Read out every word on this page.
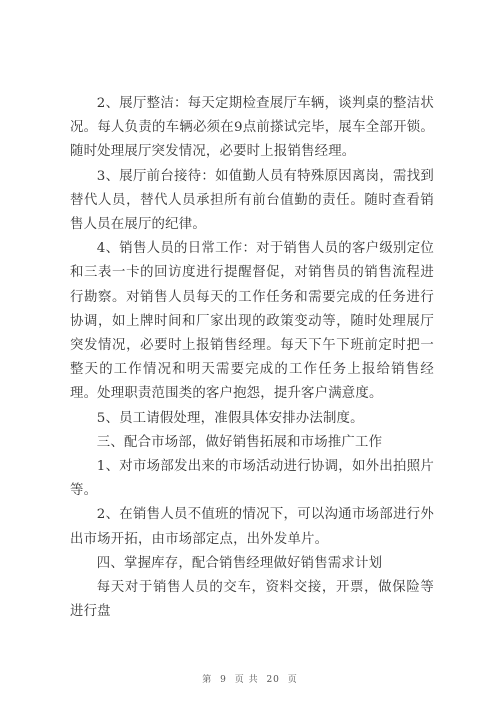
2、展厅整洁：每天定期检查展厅车辆，谈判桌的整洁状况。每人负责的车辆必须在9点前搽试完毕，展车全部开锁。随时处理展厅突发情况，必要时上报销售经理。

3、展厅前台接待：如值勤人员有特殊原因离岗，需找到替代人员，替代人员承担所有前台值勤的责任。随时查看销售人员在展厅的纪律。

4、销售人员的日常工作：对于销售人员的客户级别定位和三表一卡的回访度进行提醒督促，对销售员的销售流程进行勘察。对销售人员每天的工作任务和需要完成的任务进行协调，如上牌时间和厂家出现的政策变动等，随时处理展厅突发情况，必要时上报销售经理。每天下午下班前定时把一整天的工作情况和明天需要完成的工作任务上报给销售经理。处理职责范围类的客户抱怨，提升客户满意度。

5、员工请假处理，准假具体安排办法制度。

三、配合市场部，做好销售拓展和市场推广工作

1、对市场部发出来的市场活动进行协调，如外出拍照片等。

2、在销售人员不值班的情况下，可以沟通市场部进行外出市场开拓，由市场部定点，出外发单片。

四、掌握库存，配合销售经理做好销售需求计划

每天对于销售人员的交车，资料交接，开票，做保险等进行盘

第 9 页 共 20 页
